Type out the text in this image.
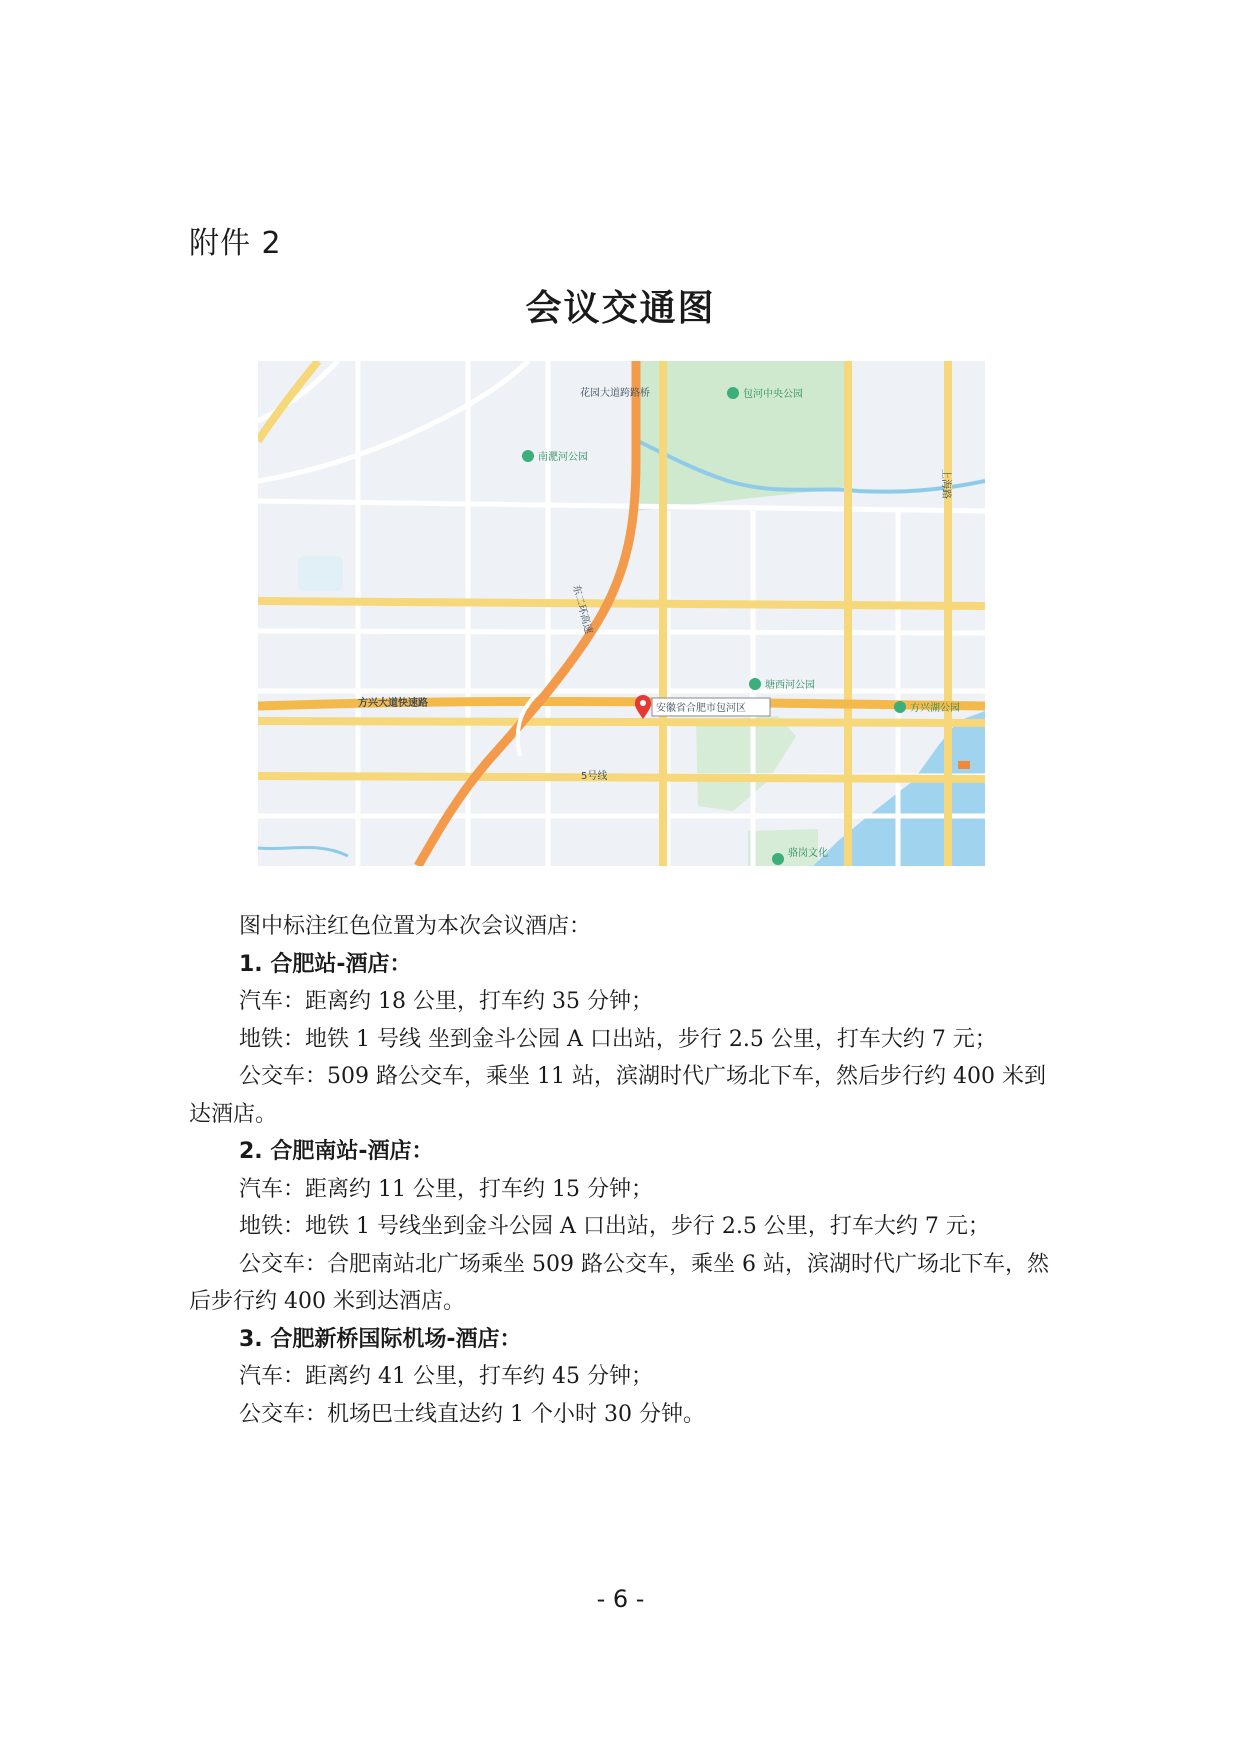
附件 2
会议交通图
方兴大道快速路
东二环高速
上海路
花园大道跨路桥
5号线
南淝河公园
包河中央公园
塘西河公园
方兴湖公园
骆岗文化
安徽省合肥市包河区

图中标注红色位置为本次会议酒店：

1. 合肥站-酒店：

汽车：距离约 18 公里，打车约 35 分钟；

地铁：地铁 1 号线 坐到金斗公园 A 口出站，步行 2.5 公里，打车大约 7 元；

公交车：509 路公交车，乘坐 11 站，滨湖时代广场北下车，然后步行约 400 米到达酒店。

2. 合肥南站-酒店：

汽车：距离约 11 公里，打车约 15 分钟；

地铁：地铁 1 号线坐到金斗公园 A 口出站，步行 2.5 公里，打车大约 7 元；

公交车：合肥南站北广场乘坐 509 路公交车，乘坐 6 站，滨湖时代广场北下车，然后步行约 400 米到达酒店。

3. 合肥新桥国际机场-酒店：

汽车：距离约 41 公里，打车约 45 分钟；

公交车：机场巴士线直达约 1 个小时 30 分钟。

- 6 -
